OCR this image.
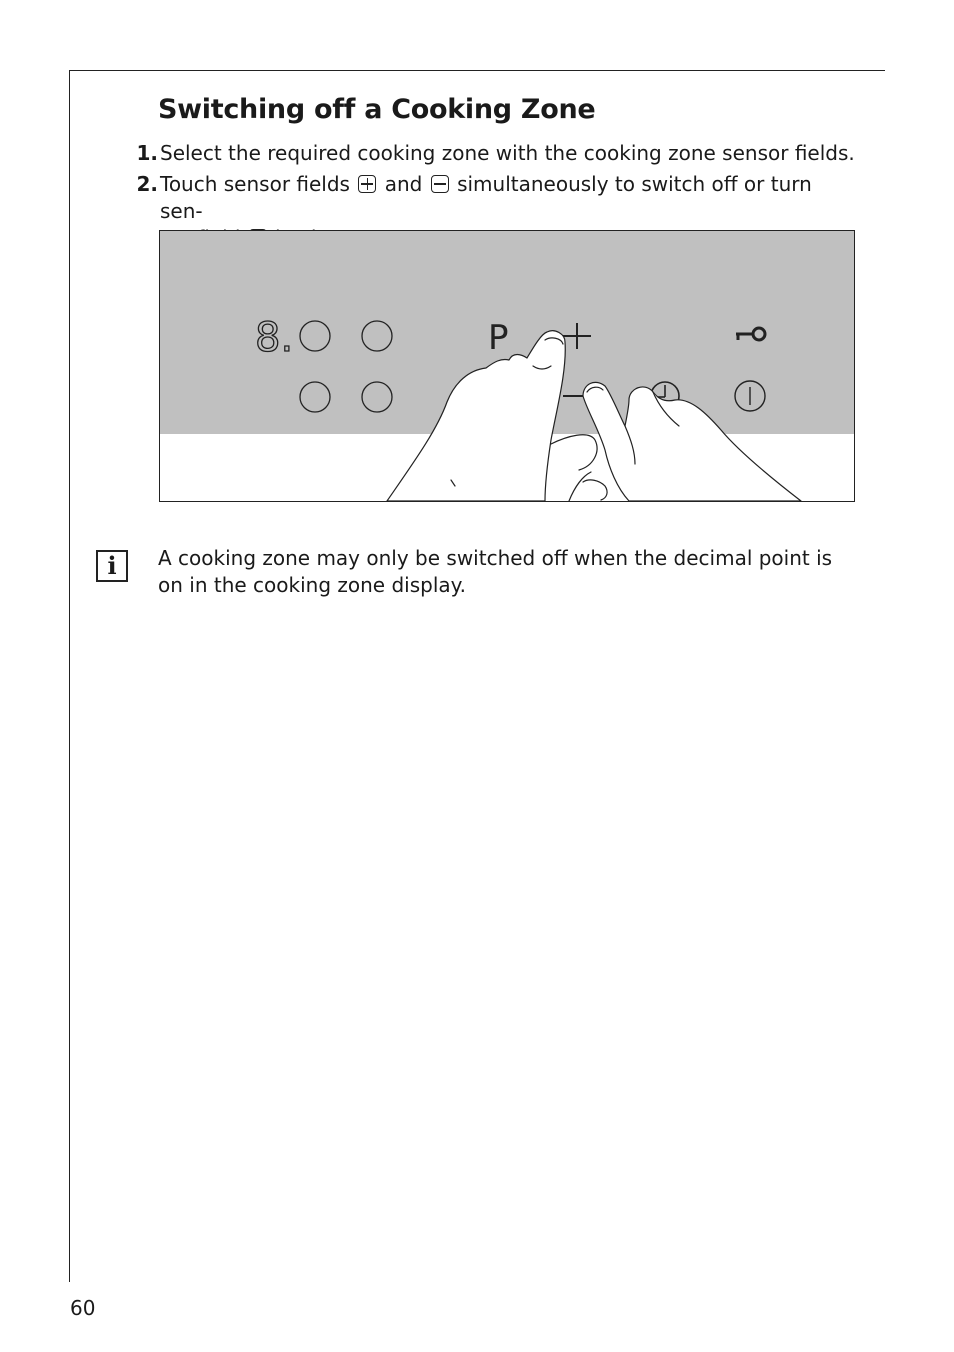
Switching off a Cooking Zone
1. Select the required cooking zone with the cooking zone sensor fields.
2. Touch sensor fields and simultaneously to switch off or turn sen-

8.	P
i	A cooking zone may only be switched off when the decimal point is on in the cooking zone display.
60
